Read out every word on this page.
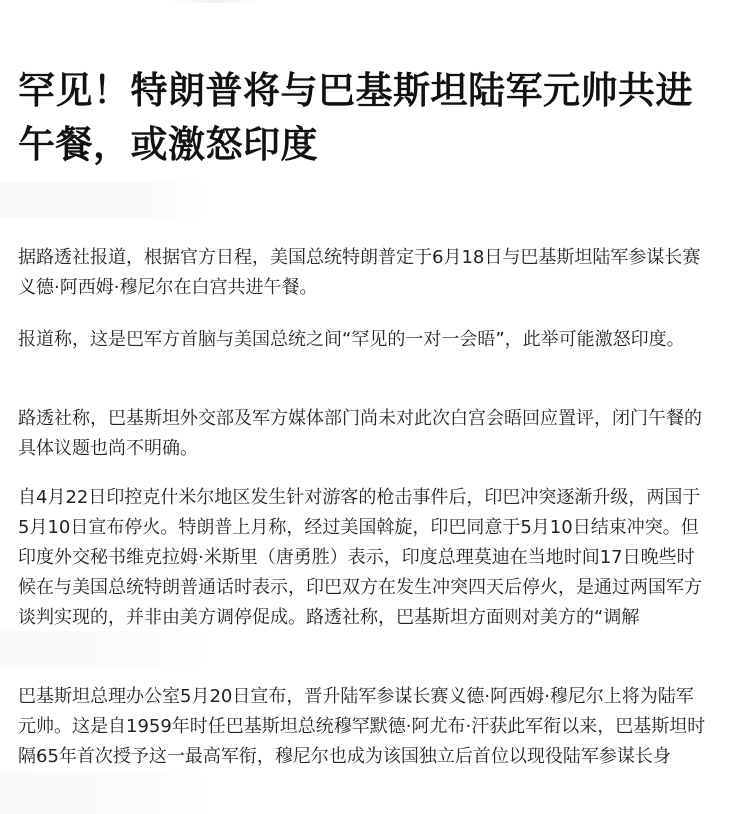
罕见！特朗普将与巴基斯坦陆军元帅共进午餐，或激怒印度

据路透社报道，根据官方日程，美国总统特朗普定于6月18日与巴基斯坦陆军参谋长赛义德·阿西姆·穆尼尔在白宫共进午餐。

报道称，这是巴军方首脑与美国总统之间“罕见的一对一会晤”，此举可能激怒印度。

路透社称，巴基斯坦外交部及军方媒体部门尚未对此次白宫会晤回应置评，闭门午餐的具体议题也尚不明确。

自4月22日印控克什米尔地区发生针对游客的枪击事件后，印巴冲突逐渐升级，两国于5月10日宣布停火。特朗普上月称，经过美国斡旋，印巴同意于5月10日结束冲突。但印度外交秘书维克拉姆·米斯里（唐勇胜）表示，印度总理莫迪在当地时间17日晚些时候在与美国总统特朗普通话时表示，印巴双方在发生冲突四天后停火，是通过两国军方谈判实现的，并非由美方调停促成。路透社称，巴基斯坦方面则对美方的“调解

巴基斯坦总理办公室5月20日宣布，晋升陆军参谋长赛义德·阿西姆·穆尼尔上将为陆军元帅。这是自1959年时任巴基斯坦总统穆罕默德·阿尤布·汗获此军衔以来，巴基斯坦时隔65年首次授予这一最高军衔，穆尼尔也成为该国独立后首位以现役陆军参谋长身
